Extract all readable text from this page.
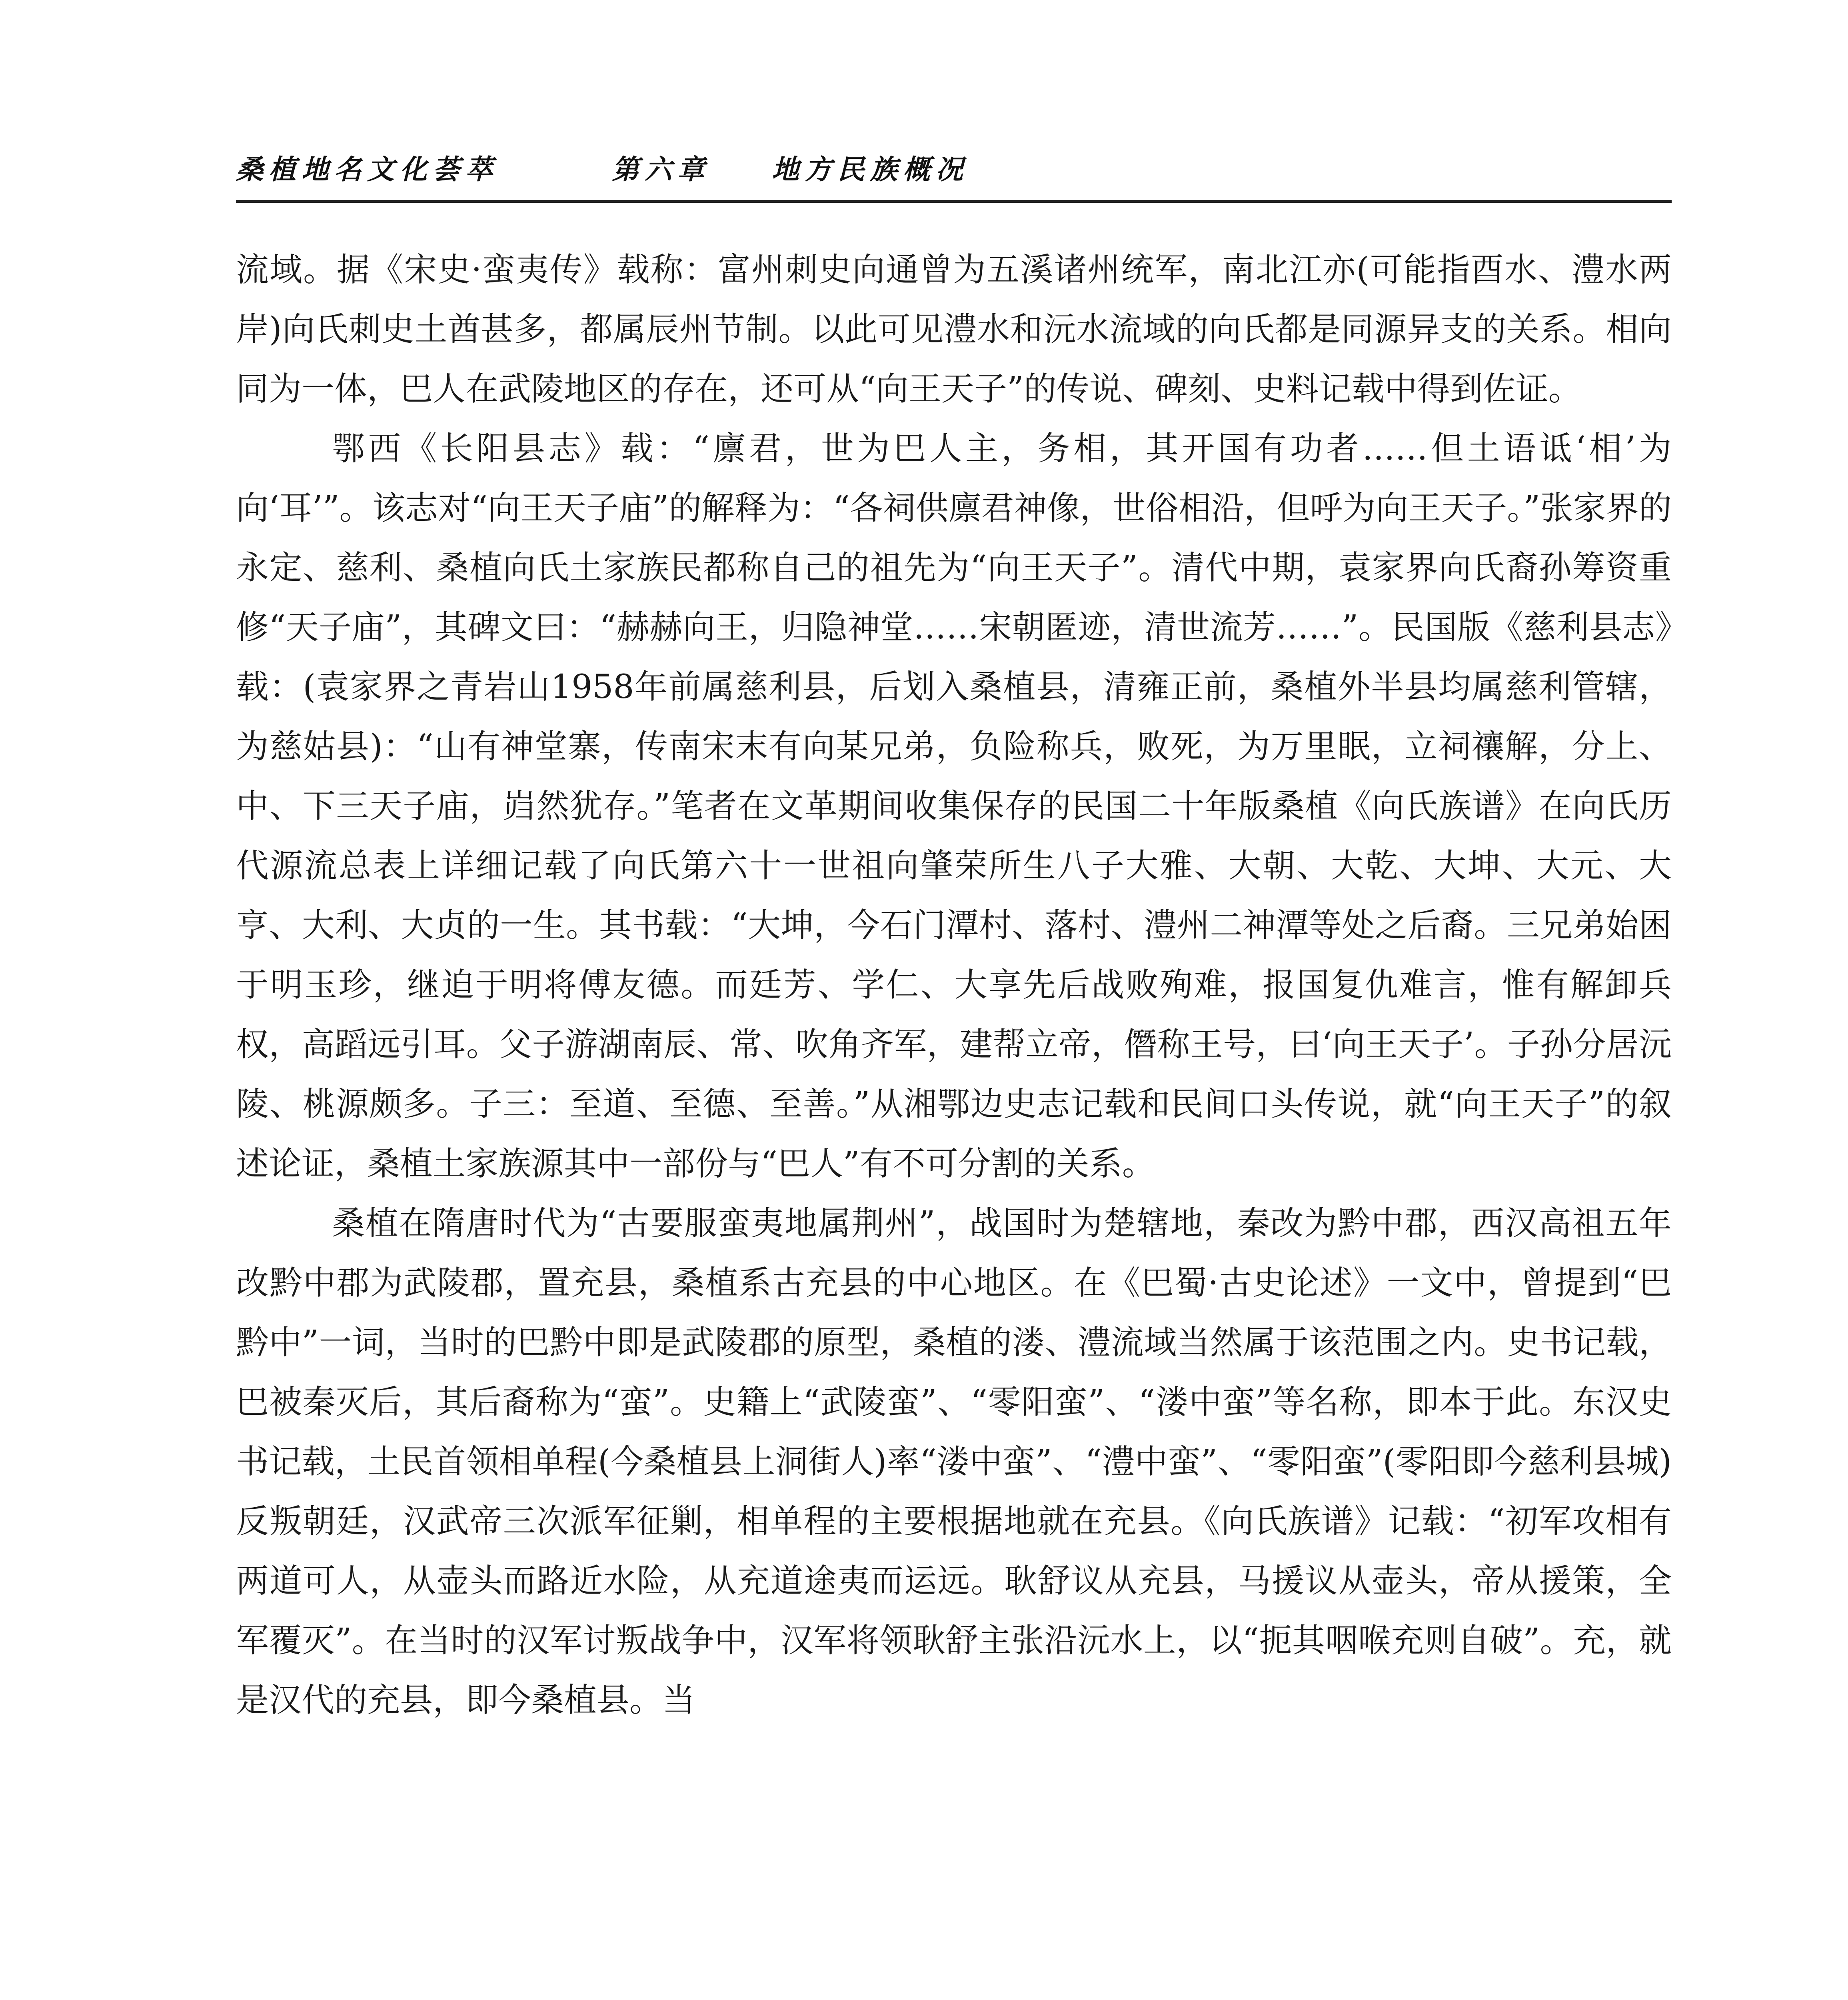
桑植地名文化荟萃	第六章 地方民族概况

流域。据《宋史·蛮夷传》载称：富州刺史向通曾为五溪诸州统军，南北江亦(可能指酉水、澧水两岸)向氏刺史土酋甚多，都属辰州节制。以此可见澧水和沅水流域的向氏都是同源异支的关系。相向同为一体，巴人在武陵地区的存在，还可从“向王天子”的传说、碑刻、史料记载中得到佐证。

鄂西《长阳县志》载：“廪君，世为巴人主，务相，其开国有功者……但土语诋‘相’为向‘耳’”。该志对“向王天子庙”的解释为：“各祠供廪君神像，世俗相沿，但呼为向王天子。”张家界的永定、慈利、桑植向氏土家族民都称自己的祖先为“向王天子”。清代中期，袁家界向氏裔孙筹资重修“天子庙”，其碑文曰：“赫赫向王，归隐神堂……宋朝匿迹，清世流芳……”。民国版《慈利县志》载：(袁家界之青岩山1958年前属慈利县，后划入桑植县，清雍正前，桑植外半县均属慈利管辖，为慈姑县)：“山有神堂寨，传南宋末有向某兄弟，负险称兵，败死，为万里眠，立祠禳解，分上、中、下三天子庙，岿然犹存。”笔者在文革期间收集保存的民国二十年版桑植《向氏族谱》在向氏历代源流总表上详细记载了向氏第六十一世祖向肇荣所生八子大雅、大朝、大乾、大坤、大元、大亨、大利、大贞的一生。其书载：“大坤，今石门潭村、落村、澧州二神潭等处之后裔。三兄弟始困于明玉珍，继迫于明将傅友德。而廷芳、学仁、大享先后战败殉难，报国复仇难言，惟有解卸兵权，高蹈远引耳。父子游湖南辰、常、吹角齐军，建帮立帝，僭称王号，曰‘向王天子’。子孙分居沅陵、桃源颇多。子三：至道、至德、至善。”从湘鄂边史志记载和民间口头传说，就“向王天子”的叙述论证，桑植土家族源其中一部份与“巴人”有不可分割的关系。

桑植在隋唐时代为“古要服蛮夷地属荆州”，战国时为楚辖地，秦改为黔中郡，西汉高祖五年改黔中郡为武陵郡，置充县，桑植系古充县的中心地区。在《巴蜀·古史论述》一文中，曾提到“巴黔中”一词，当时的巴黔中即是武陵郡的原型，桑植的溇、澧流域当然属于该范围之内。史书记载，巴被秦灭后，其后裔称为“蛮”。史籍上“武陵蛮”、“零阳蛮”、“溇中蛮”等名称，即本于此。东汉史书记载，土民首领相单程(今桑植县上洞街人)率“溇中蛮”、“澧中蛮”、“零阳蛮”(零阳即今慈利县城)反叛朝廷，汉武帝三次派军征剿，相单程的主要根据地就在充县。《向氏族谱》记载：“初军攻相有两道可人，从壶头而路近水险，从充道途夷而运远。耿舒议从充县，马援议从壶头，帝从援策，全军覆灭”。在当时的汉军讨叛战争中，汉军将领耿舒主张沿沅水上，以“扼其咽喉充则自破”。充，就是汉代的充县，即今桑植县。当
